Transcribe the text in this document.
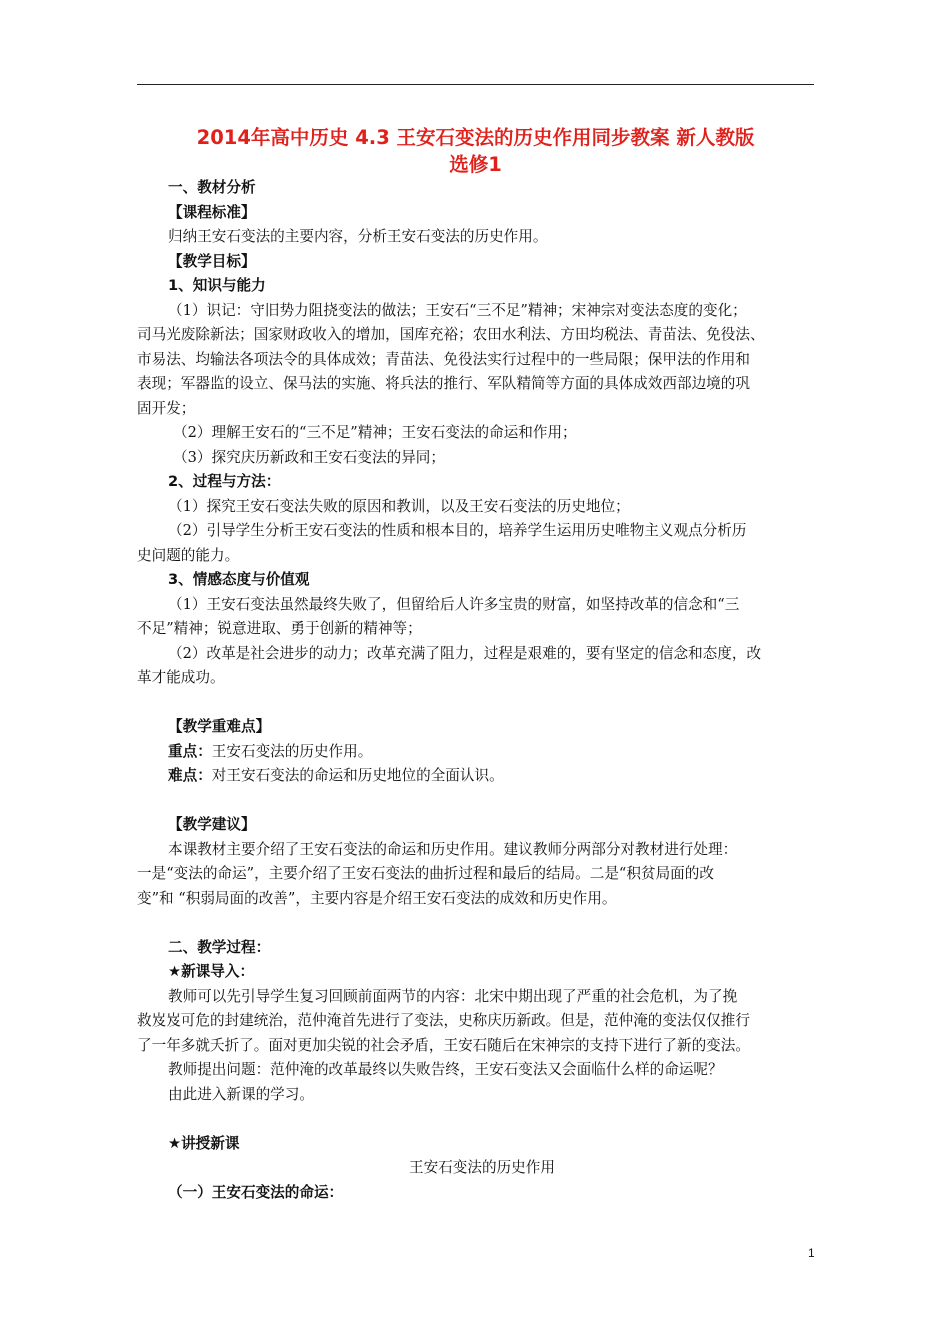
2014年高中历史 4.3 王安石变法的历史作用同步教案 新人教版
选修1
一、教材分析
【课程标准】
归纳王安石变法的主要内容，分析王安石变法的历史作用。
【教学目标】
1、知识与能力
（1）识记：守旧势力阻挠变法的做法；王安石“三不足”精神；宋神宗对变法态度的变化；
司马光废除新法；国家财政收入的增加，国库充裕；农田水利法、方田均税法、青苗法、免役法、
市易法、均输法各项法令的具体成效；青苗法、免役法实行过程中的一些局限；保甲法的作用和
表现；军器监的设立、保马法的实施、将兵法的推行、军队精简等方面的具体成效西部边境的巩
固开发；
（2）理解王安石的“三不足”精神；王安石变法的命运和作用；
（3）探究庆历新政和王安石变法的异同；
2、过程与方法：
（1）探究王安石变法失败的原因和教训，以及王安石变法的历史地位；
（2）引导学生分析王安石变法的性质和根本目的，培养学生运用历史唯物主义观点分析历
史问题的能力。
3、情感态度与价值观
（1）王安石变法虽然最终失败了，但留给后人许多宝贵的财富，如坚持改革的信念和“三
不足”精神；锐意进取、勇于创新的精神等；
（2）改革是社会进步的动力；改革充满了阻力，过程是艰难的，要有坚定的信念和态度，改
革才能成功。
【教学重难点】
重点：王安石变法的历史作用。
难点：对王安石变法的命运和历史地位的全面认识。
【教学建议】
本课教材主要介绍了王安石变法的命运和历史作用。建议教师分两部分对教材进行处理：
一是“变法的命运”，主要介绍了王安石变法的曲折过程和最后的结局。二是“积贫局面的改
变”和 “积弱局面的改善”，主要内容是介绍王安石变法的成效和历史作用。
二、教学过程：
★新课导入：
教师可以先引导学生复习回顾前面两节的内容：北宋中期出现了严重的社会危机，为了挽
救岌岌可危的封建统治，范仲淹首先进行了变法，史称庆历新政。但是，范仲淹的变法仅仅推行
了一年多就夭折了。面对更加尖锐的社会矛盾，王安石随后在宋神宗的支持下进行了新的变法。
教师提出问题：范仲淹的改革最终以失败告终，王安石变法又会面临什么样的命运呢？
由此进入新课的学习。
★讲授新课
王安石变法的历史作用
（一）王安石变法的命运：
1
